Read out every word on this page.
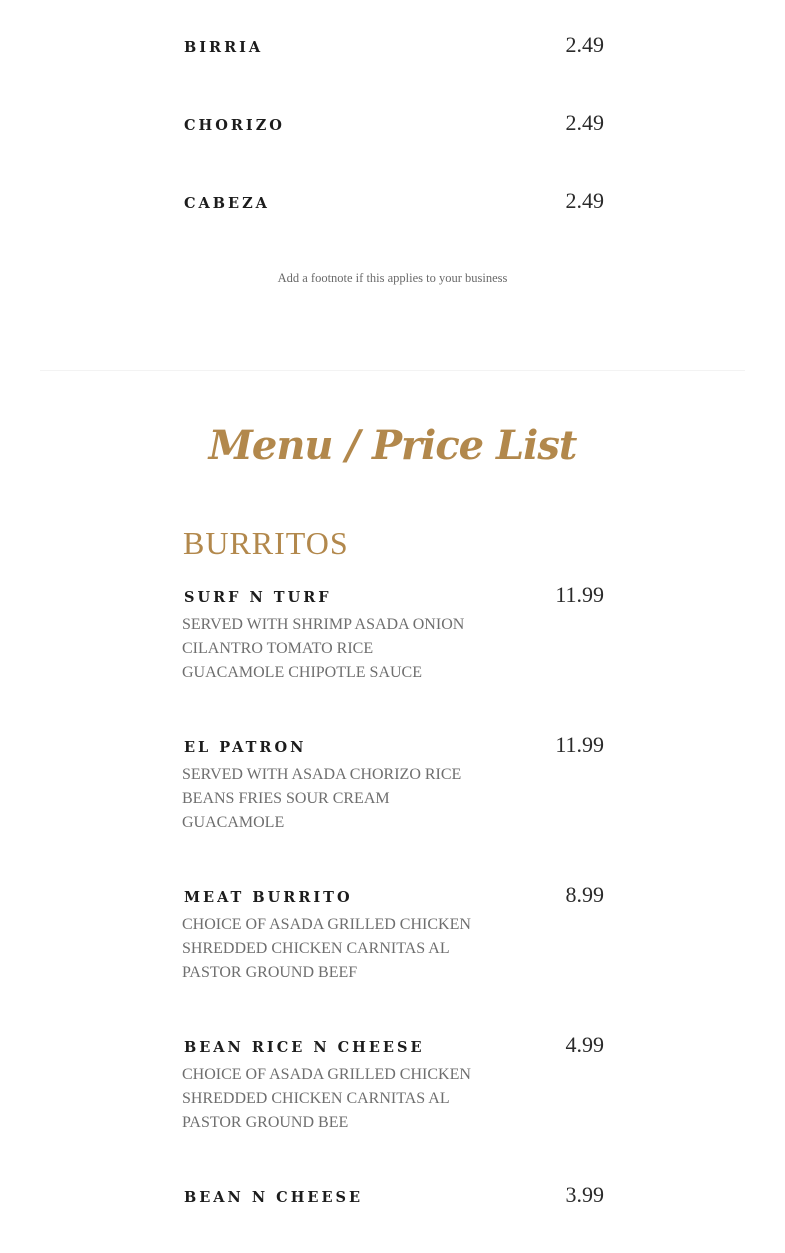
BIRRIA	2.49
CHORIZO	2.49
CABEZA	2.49
Add a footnote if this applies to your business
Menu / Price List
BURRITOS
SURF N TURF	11.99
SERVED WITH SHRIMP ASADA ONION
CILANTRO TOMATO RICE
GUACAMOLE CHIPOTLE SAUCE
EL PATRON	11.99
SERVED WITH ASADA CHORIZO RICE
BEANS FRIES SOUR CREAM
GUACAMOLE
MEAT BURRITO	8.99
CHOICE OF ASADA GRILLED CHICKEN
SHREDDED CHICKEN CARNITAS AL
PASTOR GROUND BEEF
BEAN RICE N CHEESE	4.99
CHOICE OF ASADA GRILLED CHICKEN
SHREDDED CHICKEN CARNITAS AL
PASTOR GROUND BEE
BEAN N CHEESE	3.99
